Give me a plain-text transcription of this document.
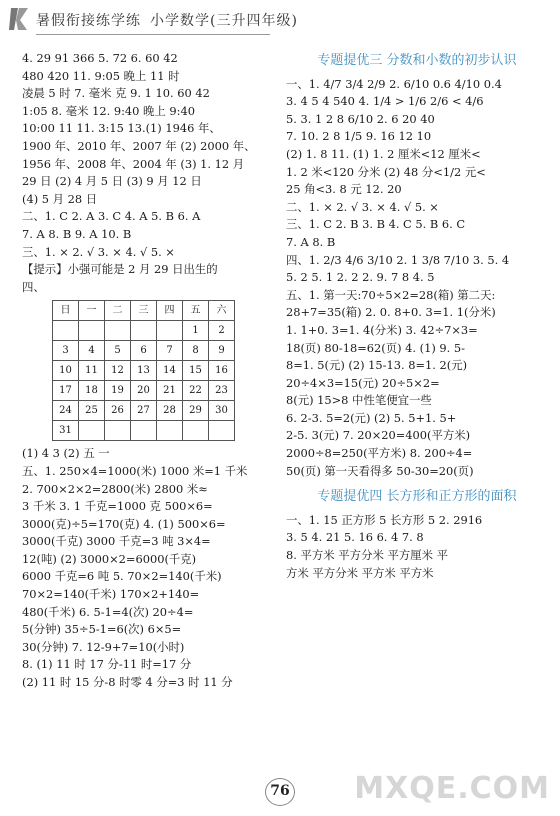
暑假衔接练学练 小学数学(三升四年级)
4. 29 91 366 5. 72 6. 60 42
480 420 11. 9:05 晚上 11 时
凌晨 5 时 7. 毫米 克 9. 1 10. 60 42
1:05 8. 毫米 12. 9:40 晚上 9:40
10:00 11 11. 3:15 13.(1) 1946 年、
1900 年、2010 年、2007 年 (2) 2000 年、
1956 年、2008 年、2004 年 (3) 1. 12 月
29 日 (2) 4 月 5 日 (3) 9 月 12 日
(4) 5 月 28 日
二、1. C 2. A 3. C 4. A 5. B 6. A
7. A 8. B 9. A 10. B
三、1. × 2. √ 3. × 4. √ 5. ×
【提示】小强可能是 2 月 29 日出生的
四、
日	一	二	三	四	五	六
					1	2
3	4	5	6	7	8	9
10	11	12	13	14	15	16
17	18	19	20	21	22	23
24	25	26	27	28	29	30
31						
(1) 4 3 (2) 五 一
五、1. 250×4=1000(米) 1000 米=1 千米
2. 700×2×2=2800(米) 2800 米≈
3 千米 3. 1 千克=1000 克 500×6=
3000(克)÷5=170(克) 4. (1) 500×6=
3000(千克) 3000 千克=3 吨 3×4=
12(吨) (2) 3000×2=6000(千克)
6000 千克=6 吨 5. 70×2=140(千米)
70×2=140(千米) 170×2+140=
480(千米) 6. 5-1=4(次) 20÷4=
5(分钟) 35÷5-1=6(次) 6×5=
30(分钟) 7. 12-9+7=10(小时)
8. (1) 11 时 17 分-11 时=17 分
(2) 11 时 15 分-8 时零 4 分=3 时 11 分
专题提优三 分数和小数的初步认识
一、1. 4/7 3/4 2/9 2. 6/10 0.6 4/10 0.4
3. 4 5 4 540 4. 1/4 > 1/6 2/6 < 4/6
5. 3. 1 2 8 6/10 2. 6 20 40
7. 10. 2 8 1/5 9. 16 12 10
(2) 1. 8 11. (1) 1. 2 厘米<12 厘米<
1. 2 米<120 分米 (2) 48 分<1/2 元<
25 角<3. 8 元 12. 20
二、1. × 2. √ 3. × 4. √ 5. ×
三、1. C 2. B 3. B 4. C 5. B 6. C
7. A 8. B
四、1. 2/3 4/6 3/10 2. 1 3/8 7/10 3. 5. 4
5. 2 5. 1 2. 2 2. 9. 7 8 4. 5
五、1. 第一天:70÷5×2=28(箱) 第二天:
28+7=35(箱) 2. 0. 8+0. 3=1. 1(分米)
1. 1+0. 3=1. 4(分米) 3. 42÷7×3=
18(页) 80-18=62(页) 4. (1) 9. 5-
8=1. 5(元) (2) 15-13. 8=1. 2(元)
20÷4×3=15(元) 20÷5×2=
8(元) 15>8 中性笔便宜一些
6. 2-3. 5=2(元) (2) 5. 5+1. 5+
2-5. 3(元) 7. 20×20=400(平方米)
2000÷8=250(平方米) 8. 200÷4=
50(页) 第一天看得多 50-30=20(页)
专题提优四 长方形和正方形的面积
一、1. 15 正方形 5 长方形 5 2. 2916
3. 5 4. 21 5. 16 6. 4 7. 8
8. 平方米 平方分米 平方厘米 平
方米 平方分米 平方米 平方米
76	MXQE.COM
